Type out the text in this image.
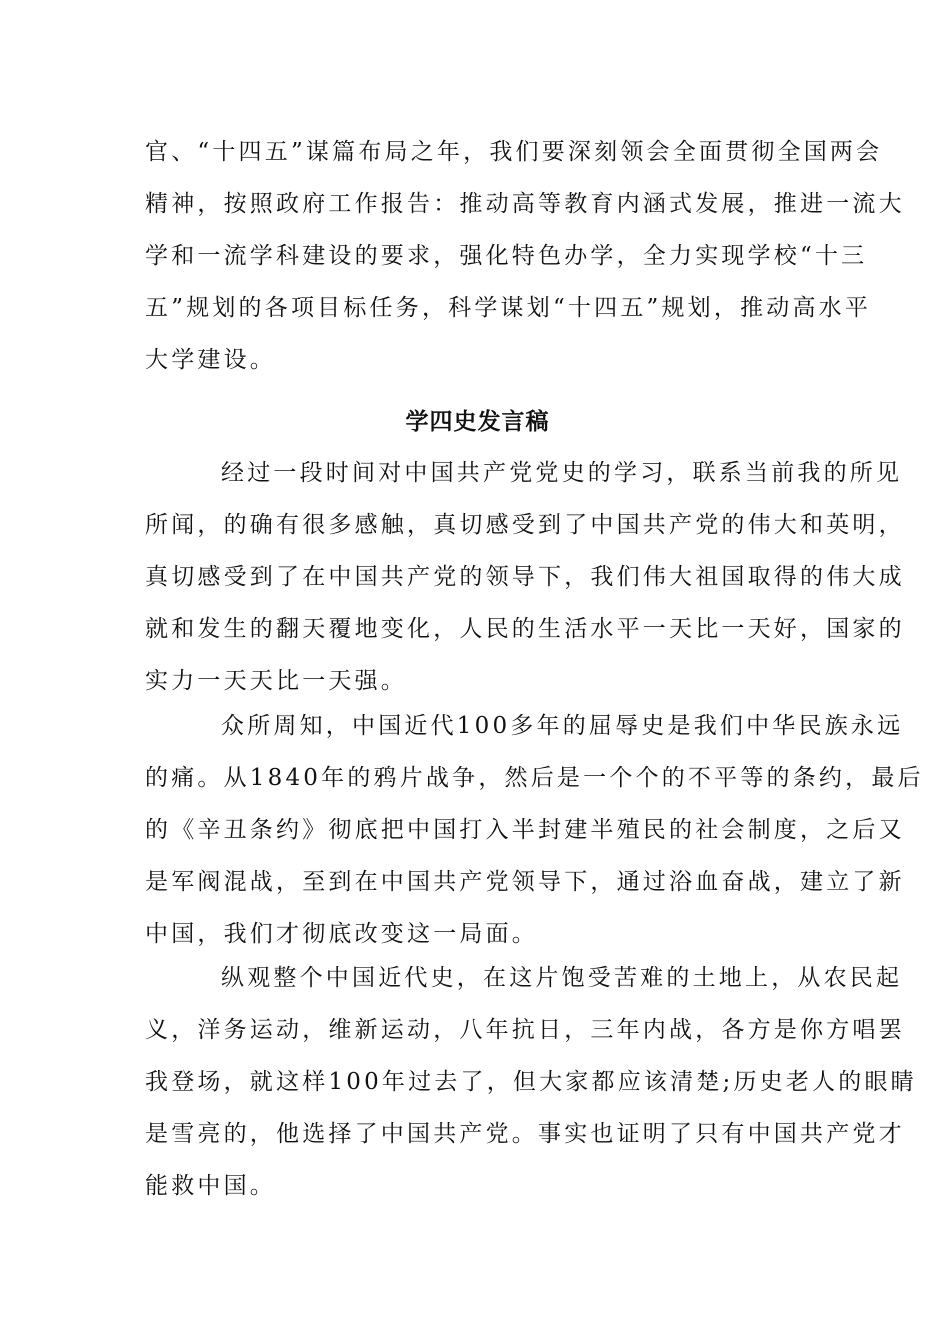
官、“十四五”谋篇布局之年，我们要深刻领会全面贯彻全国两会
精神，按照政府工作报告：推动高等教育内涵式发展，推进一流大
学和一流学科建设的要求，强化特色办学，全力实现学校“十三
五”规划的各项目标任务，科学谋划“十四五”规划，推动高水平
大学建设。
学四史发言稿
经过一段时间对中国共产党党史的学习，联系当前我的所见
所闻，的确有很多感触，真切感受到了中国共产党的伟大和英明，
真切感受到了在中国共产党的领导下，我们伟大祖国取得的伟大成
就和发生的翻天覆地变化，人民的生活水平一天比一天好，国家的
实力一天天比一天强。
众所周知，中国近代100多年的屈辱史是我们中华民族永远
的痛。从1840年的鸦片战争，然后是一个个的不平等的条约，最后
的《辛丑条约》彻底把中国打入半封建半殖民的社会制度，之后又
是军阀混战，至到在中国共产党领导下，通过浴血奋战，建立了新
中国，我们才彻底改变这一局面。
纵观整个中国近代史，在这片饱受苦难的土地上，从农民起
义，洋务运动，维新运动，八年抗日，三年内战，各方是你方唱罢
我登场，就这样100年过去了，但大家都应该清楚;历史老人的眼睛
是雪亮的，他选择了中国共产党。事实也证明了只有中国共产党才
能救中国。
